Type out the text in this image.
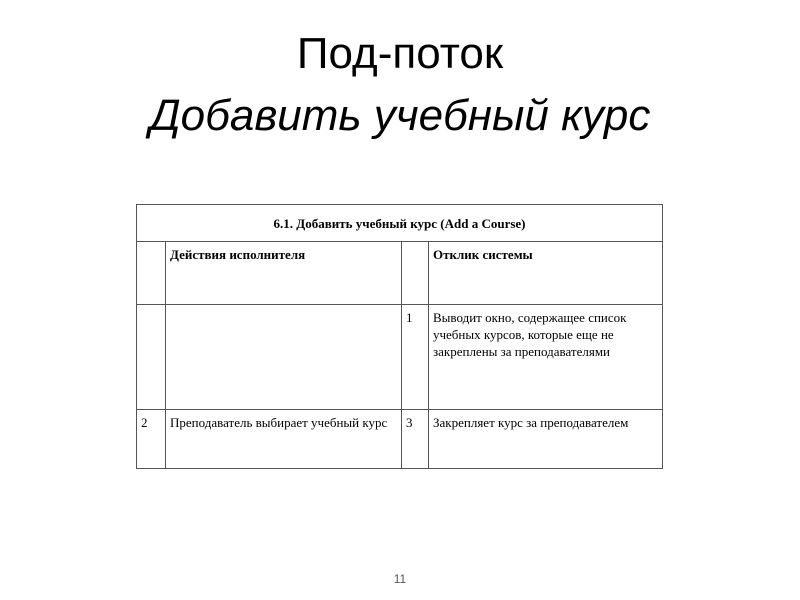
Под-поток
Добавить учебный курс
6.1. Добавить учебный курс (Add a Course)			
	Действия исполнителя		Отклик системы
		1	Выводит окно, содержащее список учебных курсов, которые еще не закреплены за преподавателями
2	Преподаватель выбирает учебный курс	3	Закрепляет курс за преподавателем
11
